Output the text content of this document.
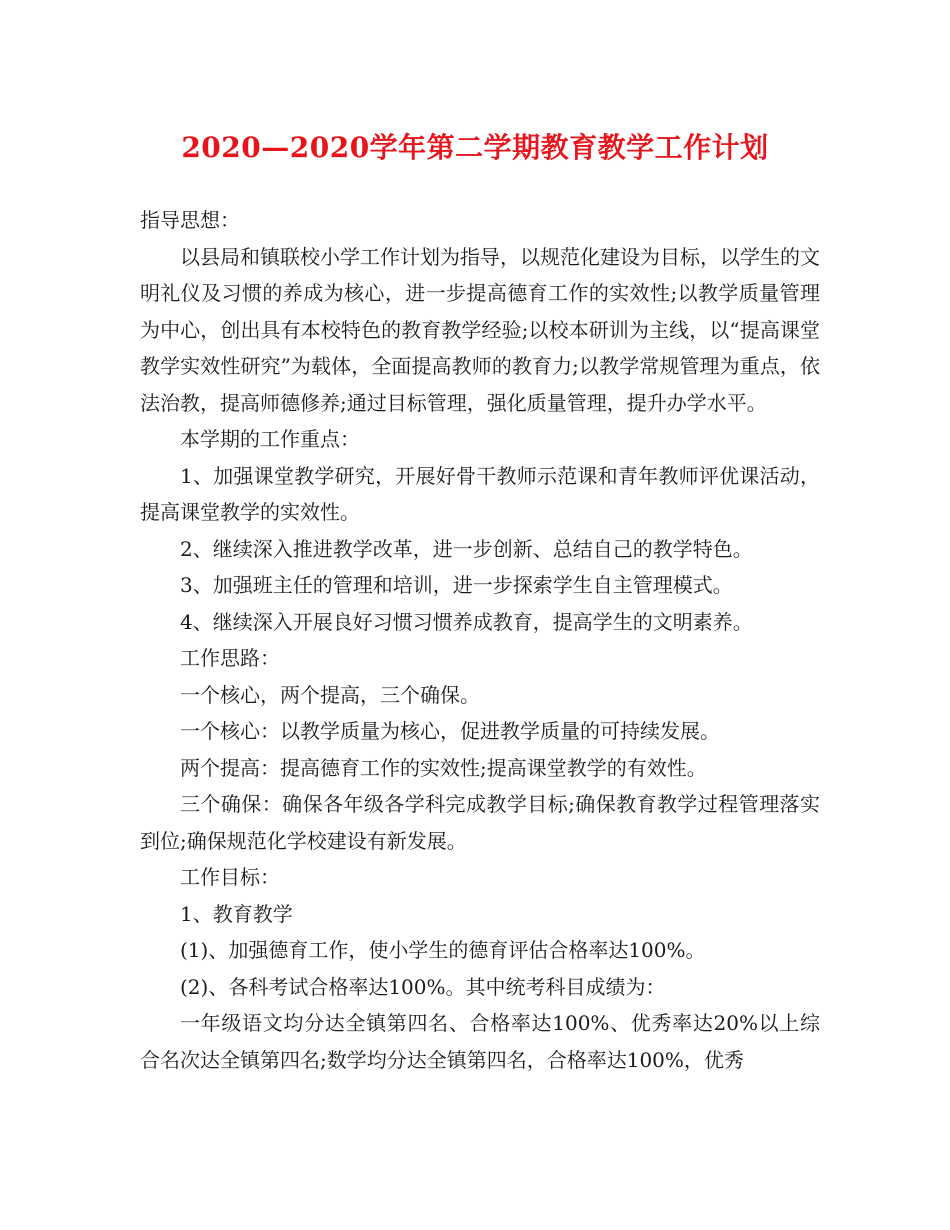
2020—2020学年第二学期教育教学工作计划

指导思想：

以县局和镇联校小学工作计划为指导，以规范化建设为目标，以学生的文明礼仪及习惯的养成为核心，进一步提高德育工作的实效性;以教学质量管理为中心，创出具有本校特色的教育教学经验;以校本研训为主线，以“提高课堂教学实效性研究”为载体，全面提高教师的教育力;以教学常规管理为重点，依法治教，提高师德修养;通过目标管理，强化质量管理，提升办学水平。

本学期的工作重点：

1、加强课堂教学研究，开展好骨干教师示范课和青年教师评优课活动，提高课堂教学的实效性。

2、继续深入推进教学改革，进一步创新、总结自己的教学特色。

3、加强班主任的管理和培训，进一步探索学生自主管理模式。

4、继续深入开展良好习惯习惯养成教育，提高学生的文明素养。

工作思路：

一个核心，两个提高，三个确保。

一个核心：以教学质量为核心，促进教学质量的可持续发展。

两个提高：提高德育工作的实效性;提高课堂教学的有效性。

三个确保：确保各年级各学科完成教学目标;确保教育教学过程管理落实到位;确保规范化学校建设有新发展。

工作目标：

1、教育教学

(1)、加强德育工作，使小学生的德育评估合格率达100%。

(2)、各科考试合格率达100%。其中统考科目成绩为：

一年级语文均分达全镇第四名、合格率达100%、优秀率达20%以上综合名次达全镇第四名;数学均分达全镇第四名，合格率达100%，优秀
